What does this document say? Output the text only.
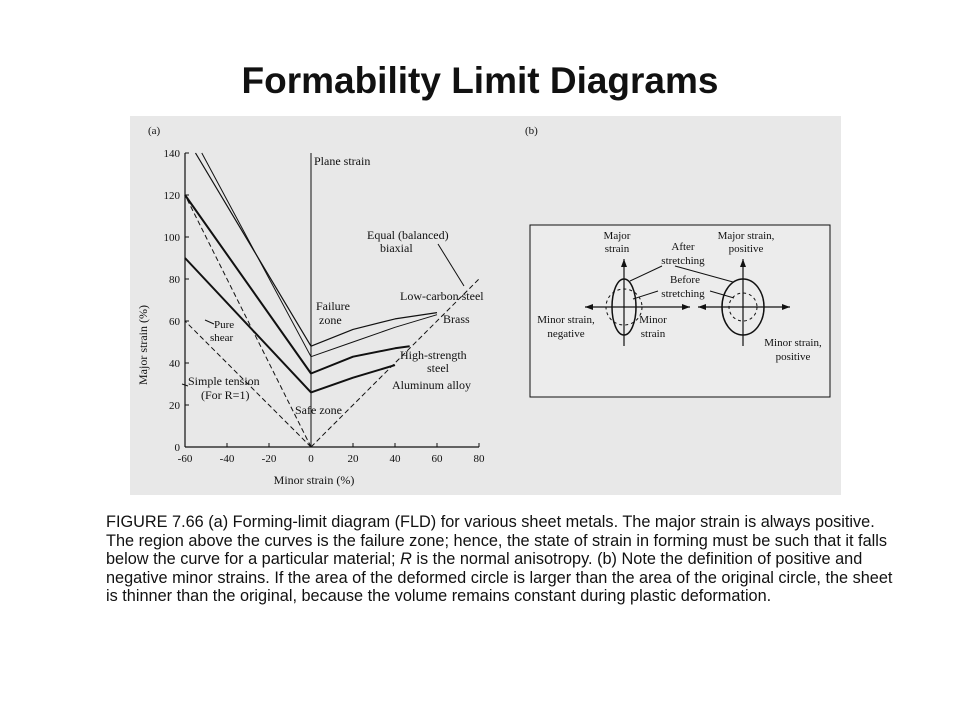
Formability Limit Diagrams
(a)
-60 -40 -20	0	20	40	60	80
0
20
40
60
80
100
120
140
Low-carbon steel
Brass
High-strength
steel
Aluminum alloy
Minor strain (%)
Major strain (%)
Plane strain
Equal (balanced)
biaxial
Failure
zone
Pure
shear
Simple tension
(For R=1)
Safe zone
(b)
Major
strain	After
stretching
Before
stretching
Major strain,
positive
Minor strain,
negative
Minor
strain
Minor strain,
positive

FIGURE 7.66 (a) Forming-limit diagram (FLD) for various sheet metals. The major strain is always positive. The region above the curves is the failure zone; hence, the state of strain in forming must be such that it falls below the curve for a particular material; R is the normal anisotropy. (b) Note the definition of positive and negative minor strains. If the area of the deformed circle is larger than the area of the original circle, the sheet is thinner than the original, because the volume remains constant during plastic deformation.
